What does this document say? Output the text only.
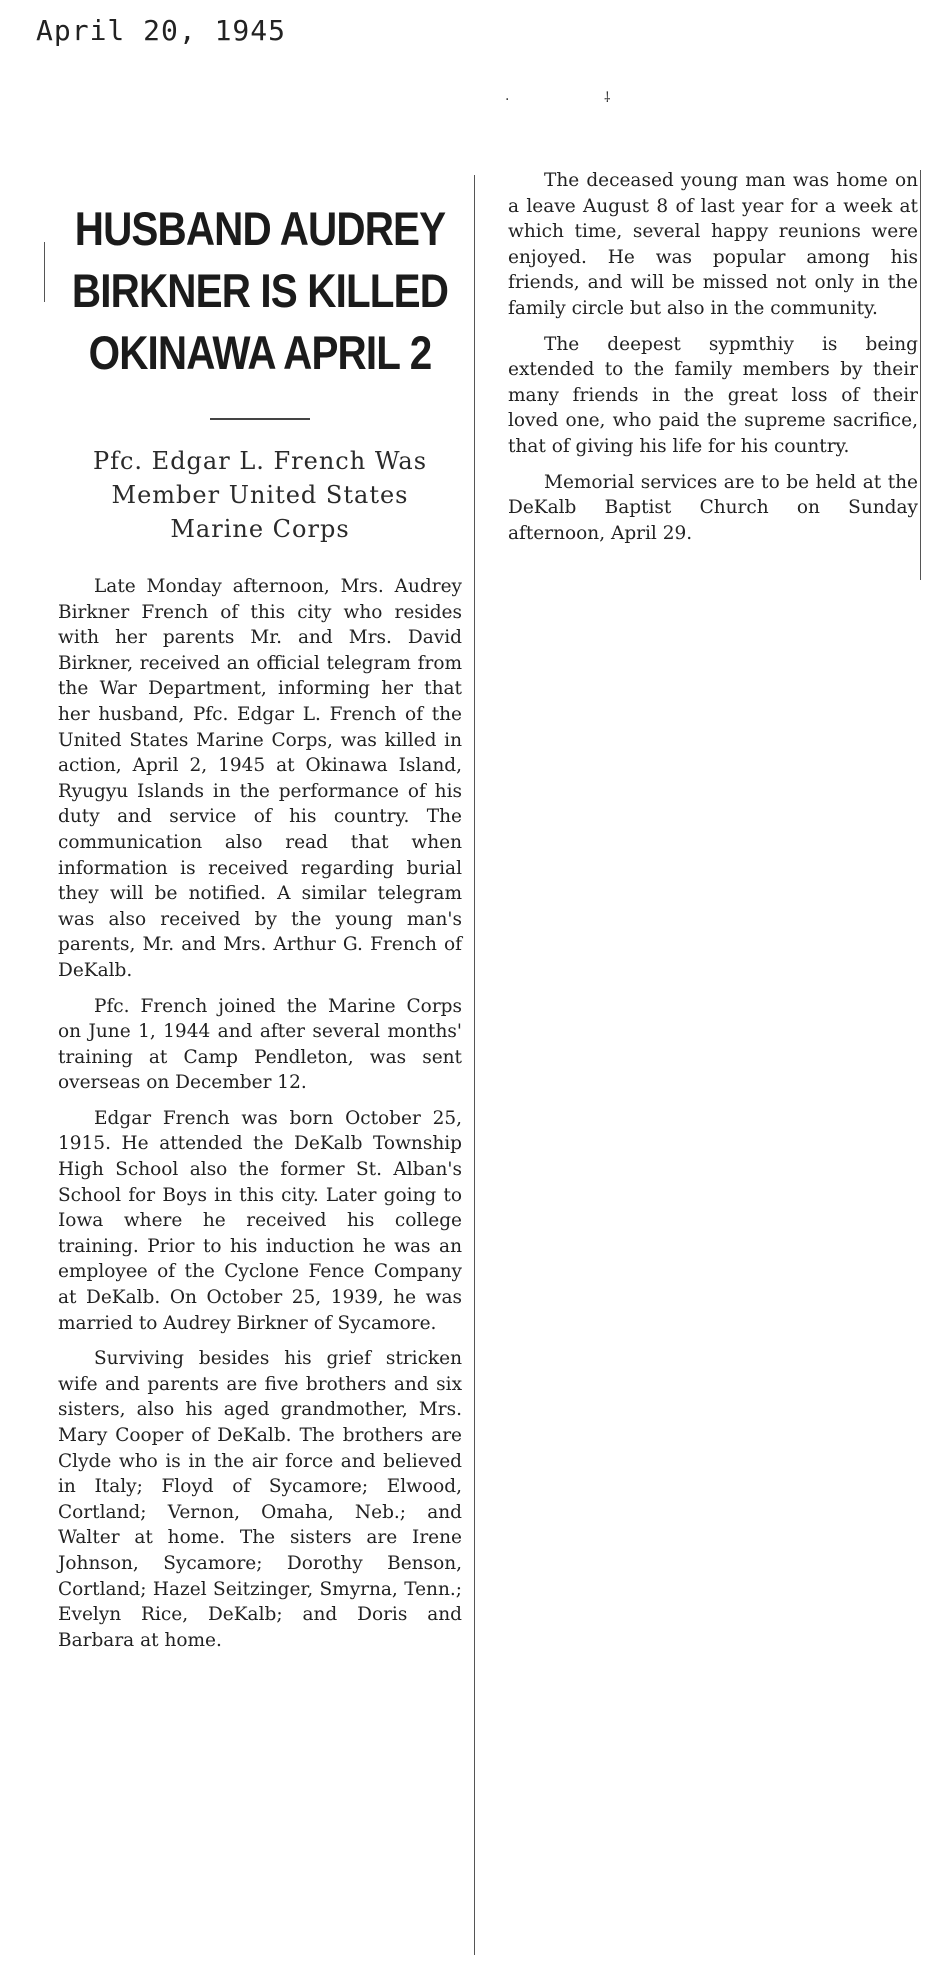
April 20, 1945
·	⸸
HUSBAND AUDREY
BIRKNER IS KILLED
OKINAWA APRIL 2
Pfc. Edgar L. French Was
Member United States
Marine Corps

Late Monday afternoon, Mrs. Audrey Birkner French of this city who resides with her parents Mr. and Mrs. David Birkner, received an official telegram from the War Department, informing her that her husband, Pfc. Edgar L. French of the United States Marine Corps, was killed in action, April 2, 1945 at Okinawa Island, Ryugyu Islands in the performance of his duty and service of his country. The communication also read that when information is received regarding burial they will be notified. A similar telegram was also received by the young man's parents, Mr. and Mrs. Arthur G. French of DeKalb.

Pfc. French joined the Marine Corps on June 1, 1944 and after several months' training at Camp Pendleton, was sent overseas on December 12.

Edgar French was born October 25, 1915. He attended the DeKalb Township High School also the former St. Alban's School for Boys in this city. Later going to Iowa where he received his college training. Prior to his induction he was an employee of the Cyclone Fence Company at DeKalb. On October 25, 1939, he was married to Audrey Birkner of Sycamore.

Surviving besides his grief stricken wife and parents are five brothers and six sisters, also his aged grandmother, Mrs. Mary Cooper of DeKalb. The brothers are Clyde who is in the air force and believed in Italy; Floyd of Sycamore; Elwood, Cortland; Vernon, Omaha, Neb.; and Walter at home. The sisters are Irene Johnson, Sycamore; Dorothy Benson, Cortland; Hazel Seitzinger, Smyrna, Tenn.; Evelyn Rice, DeKalb; and Doris and Barbara at home.

The deceased young man was home on a leave August 8 of last year for a week at which time, several happy reunions were enjoyed. He was popular among his friends, and will be missed not only in the family circle but also in the community.

The deepest sypmthiy is being extended to the family members by their many friends in the great loss of their loved one, who paid the supreme sacrifice, that of giving his life for his country.

Memorial services are to be held at the DeKalb Baptist Church on Sunday afternoon, April 29.
